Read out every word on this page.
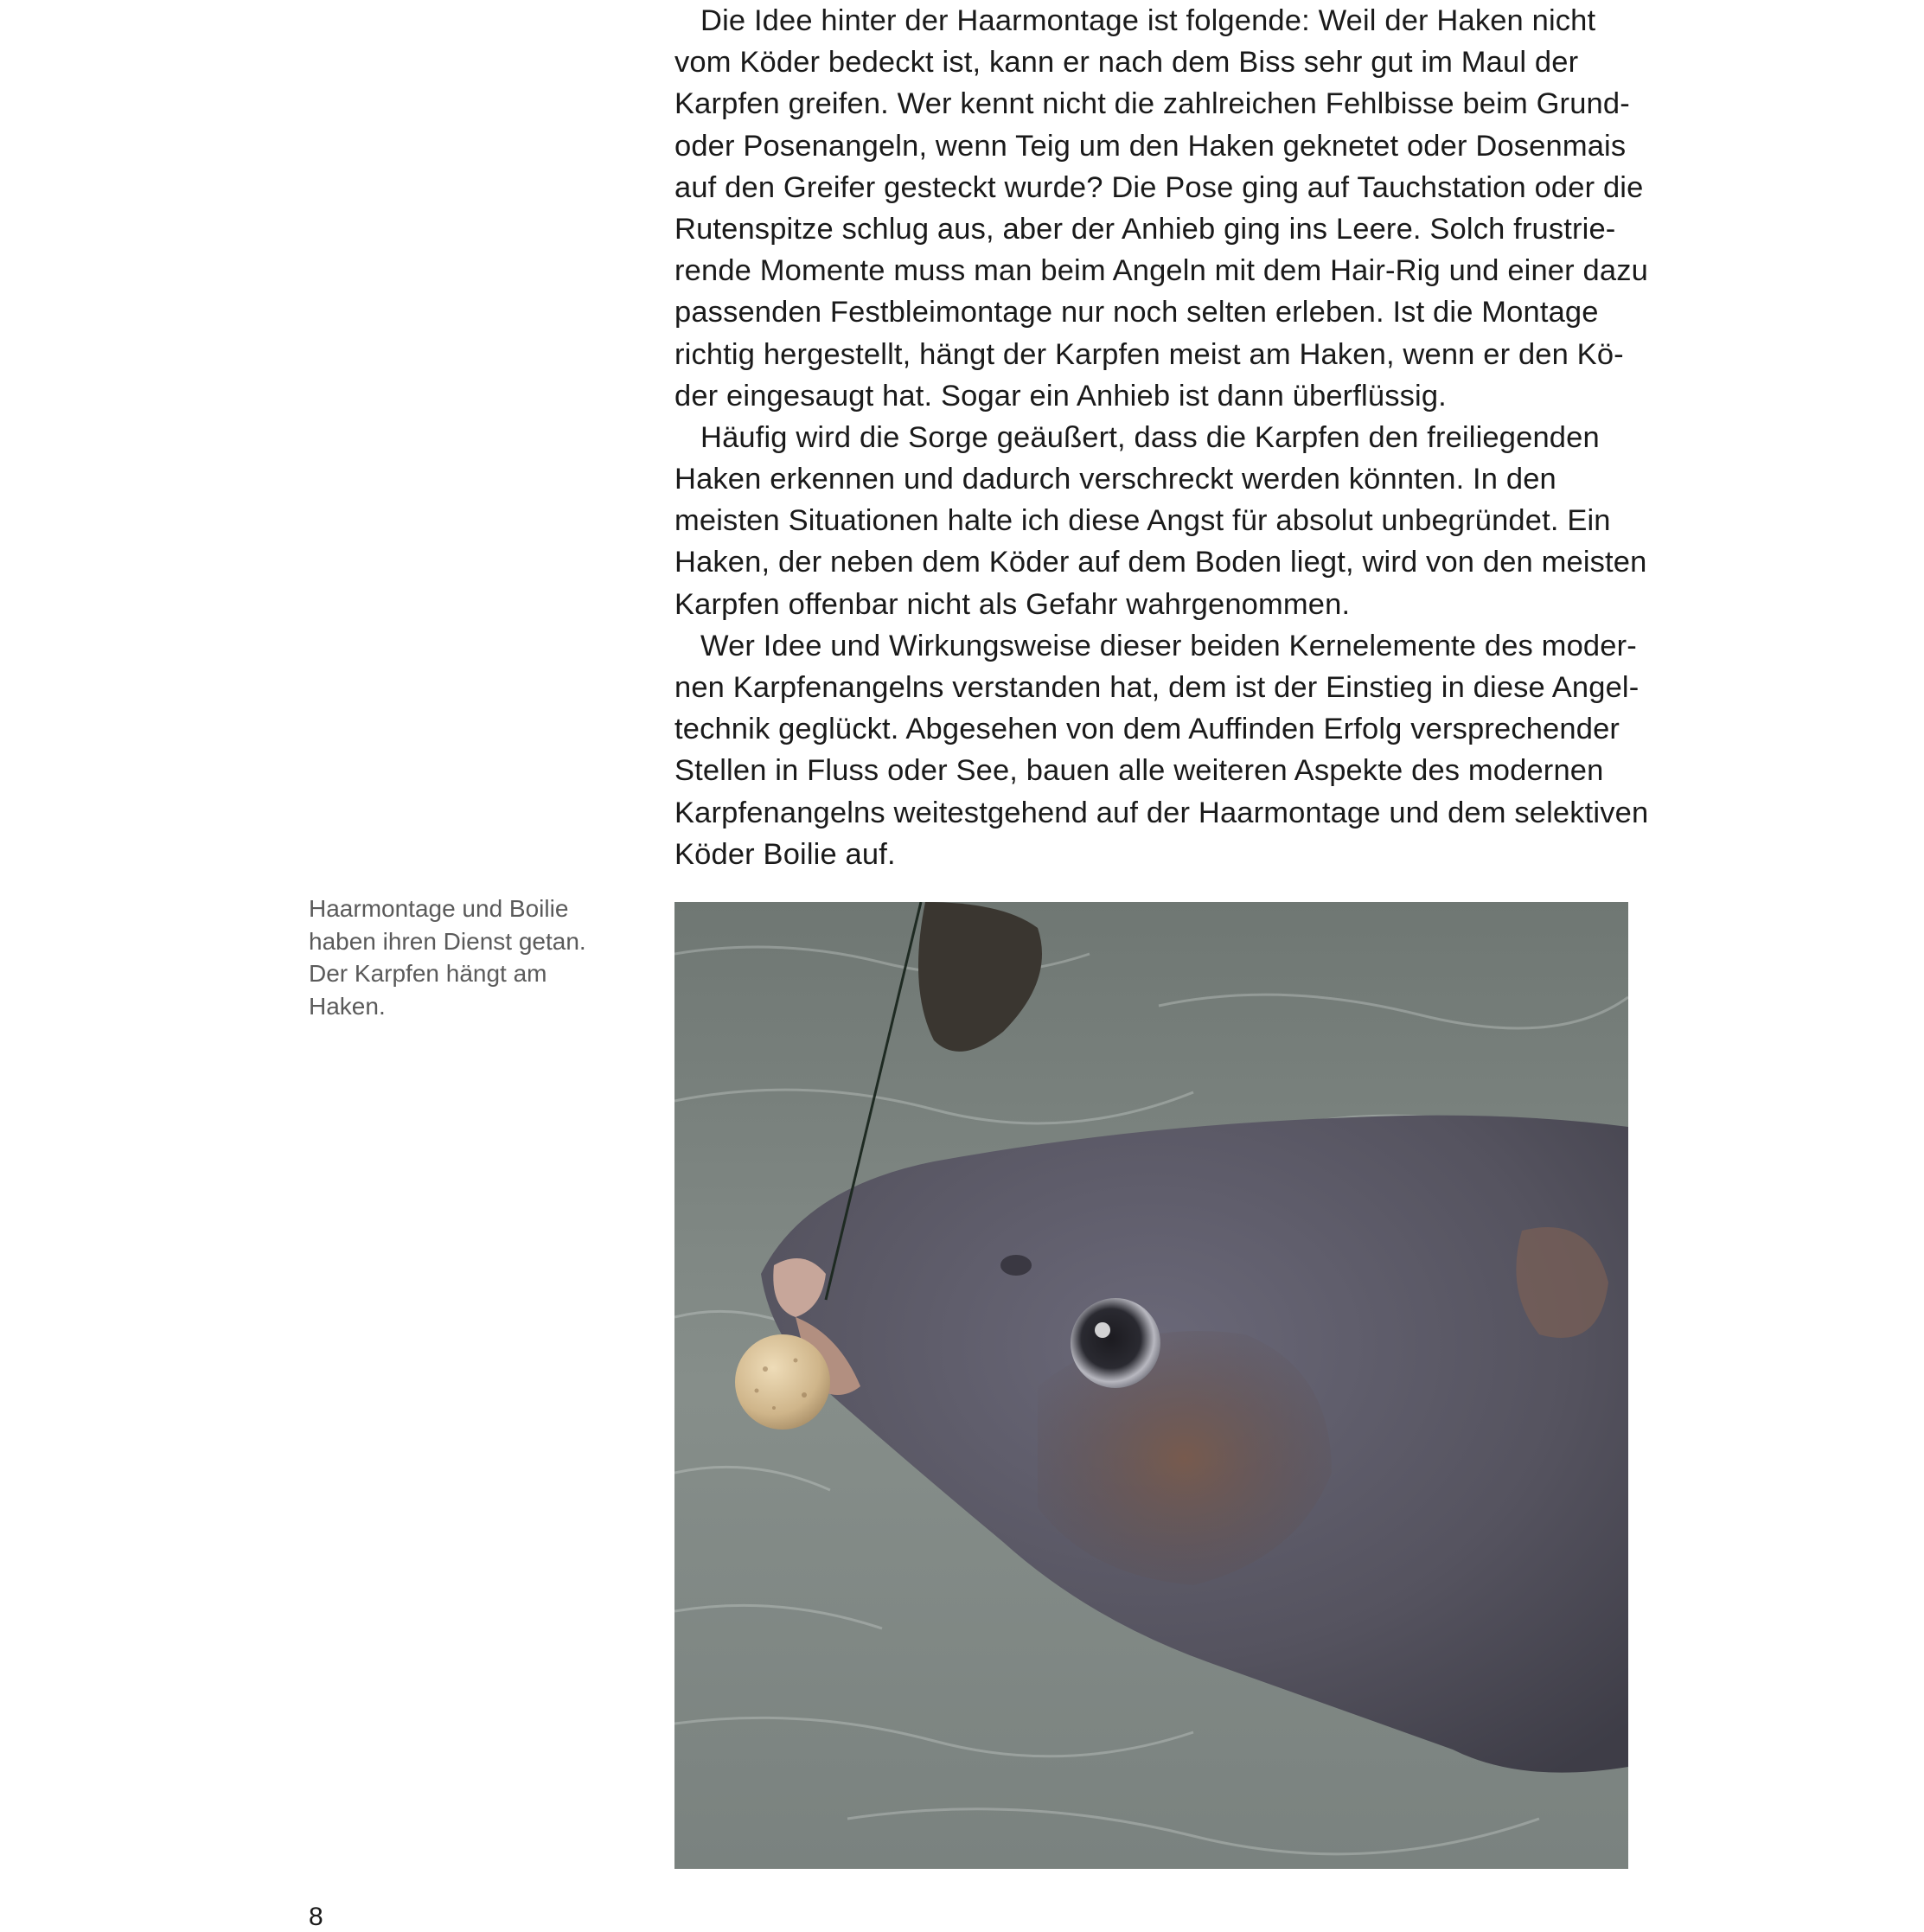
Die Idee hinter der Haarmontage ist folgende: Weil der Haken nicht
vom Köder bedeckt ist, kann er nach dem Biss sehr gut im Maul der
Karpfen greifen. Wer kennt nicht die zahlreichen Fehlbisse beim Grund-
oder Posenangeln, wenn Teig um den Haken geknetet oder Dosenmais
auf den Greifer gesteckt wurde? Die Pose ging auf Tauchstation oder die
Rutenspitze schlug aus, aber der Anhieb ging ins Leere. Solch frustrie-
rende Momente muss man beim Angeln mit dem Hair-Rig und einer dazu
passenden Festbleimontage nur noch selten erleben. Ist die Montage
richtig hergestellt, hängt der Karpfen meist am Haken, wenn er den Kö-
der eingesaugt hat. Sogar ein Anhieb ist dann überflüssig.
Häufig wird die Sorge geäußert, dass die Karpfen den freiliegenden
Haken erkennen und dadurch verschreckt werden könnten. In den
meisten Situationen halte ich diese Angst für absolut unbegründet. Ein
Haken, der neben dem Köder auf dem Boden liegt, wird von den meisten
Karpfen offenbar nicht als Gefahr wahrgenommen.
Wer Idee und Wirkungsweise dieser beiden Kernelemente des moder-
nen Karpfenangelns verstanden hat, dem ist der Einstieg in diese Angel-
technik geglückt. Abgesehen von dem Auffinden Erfolg versprechender
Stellen in Fluss oder See, bauen alle weiteren Aspekte des modernen
Karpfenangelns weitestgehend auf der Haarmontage und dem selektiven
Köder Boilie auf.
Haarmontage und Boilie
haben ihren Dienst getan.
Der Karpfen hängt am
Haken.
8
